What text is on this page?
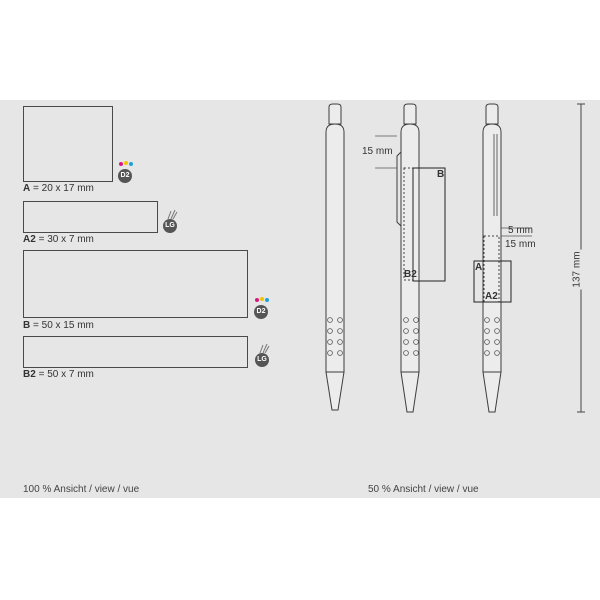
A = 20 x 17 mm
D2
A2 = 30 x 7 mm
LG
B = 50 x 15 mm
D2
B2 = 50 x 7 mm
LG
B
B2
A
A2
15 mm
5 mm
15 mm
137 mm
100 % Ansicht / view / vue	50 % Ansicht / view / vue
